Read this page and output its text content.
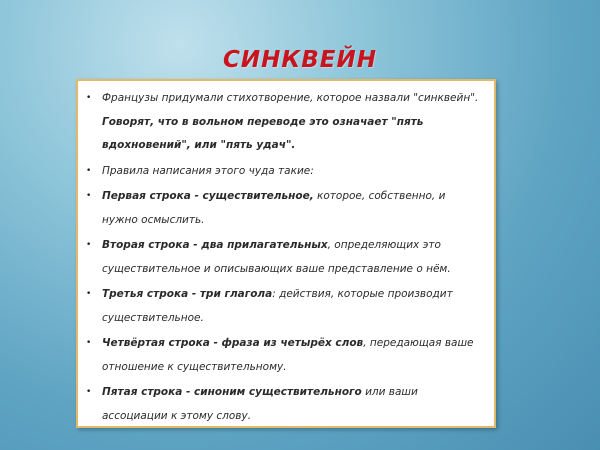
СИНКВЕЙН
• Французы придумали стихотворение, которое назвали "синквейн". Говорят, что в вольном переводе это означает "пять вдохновений", или "пять удач".
• Правила написания этого чуда такие:
• Первая строка - существительное, которое, собственно, и нужно осмыслить.
• Вторая строка - два прилагательных, определяющих это существительное и описывающих ваше представление о нём.
• Третья строка - три глагола: действия, которые производит существительное.
• Четвёртая строка - фраза из четырёх слов, передающая ваше отношение к существительному.
• Пятая строка - синоним существительного или ваши ассоциации к этому слову.
